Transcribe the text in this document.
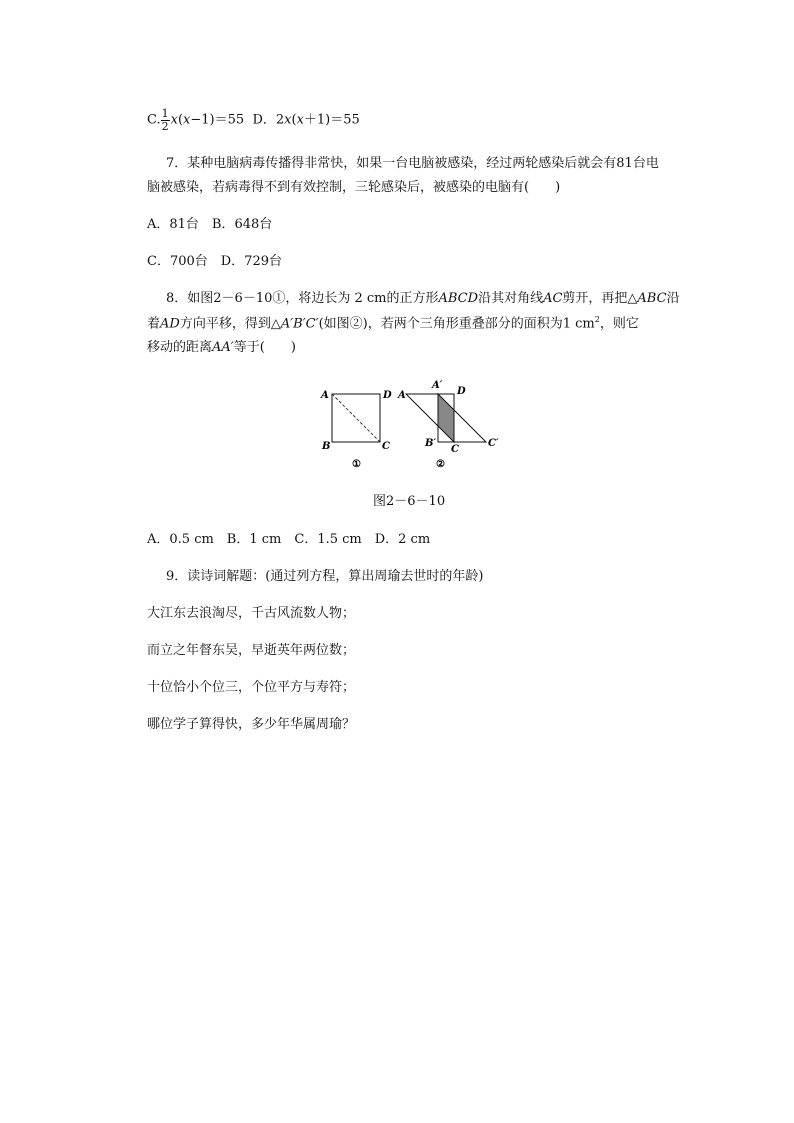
C. $\frac{1}{2} x(x-1)=55$ D．2x(x＋1)＝55
7．某种电脑病毒传播得非常快，如果一台电脑被感染，经过两轮感染后就会有81台电
脑被感染，若病毒得不到有效控制，三轮感染后，被感染的电脑有(　　)
A．81台　B．648台
C．700台　D．729台
8．如图2－6－10①，将边长为 2 cm的正方形ABCD沿其对角线AC剪开，再把△ABC沿
着AD方向平移，得到△A′B′C′(如图②)，若两个三角形重叠部分的面积为1 $cm^2$，则它
移动的距离AA′等于(　　)
A	D
B	C
①
A
A′
D
B′
C
C′
②
图2－6－10
A．0.5 cm　B．1 cm　C．1.5 cm　D．2 cm
9．读诗词解题：(通过列方程，算出周瑜去世时的年龄)
大江东去浪淘尽，千古风流数人物；
而立之年督东吴，早逝英年两位数；
十位恰小个位三，个位平方与寿符；
哪位学子算得快，多少年华属周瑜？
